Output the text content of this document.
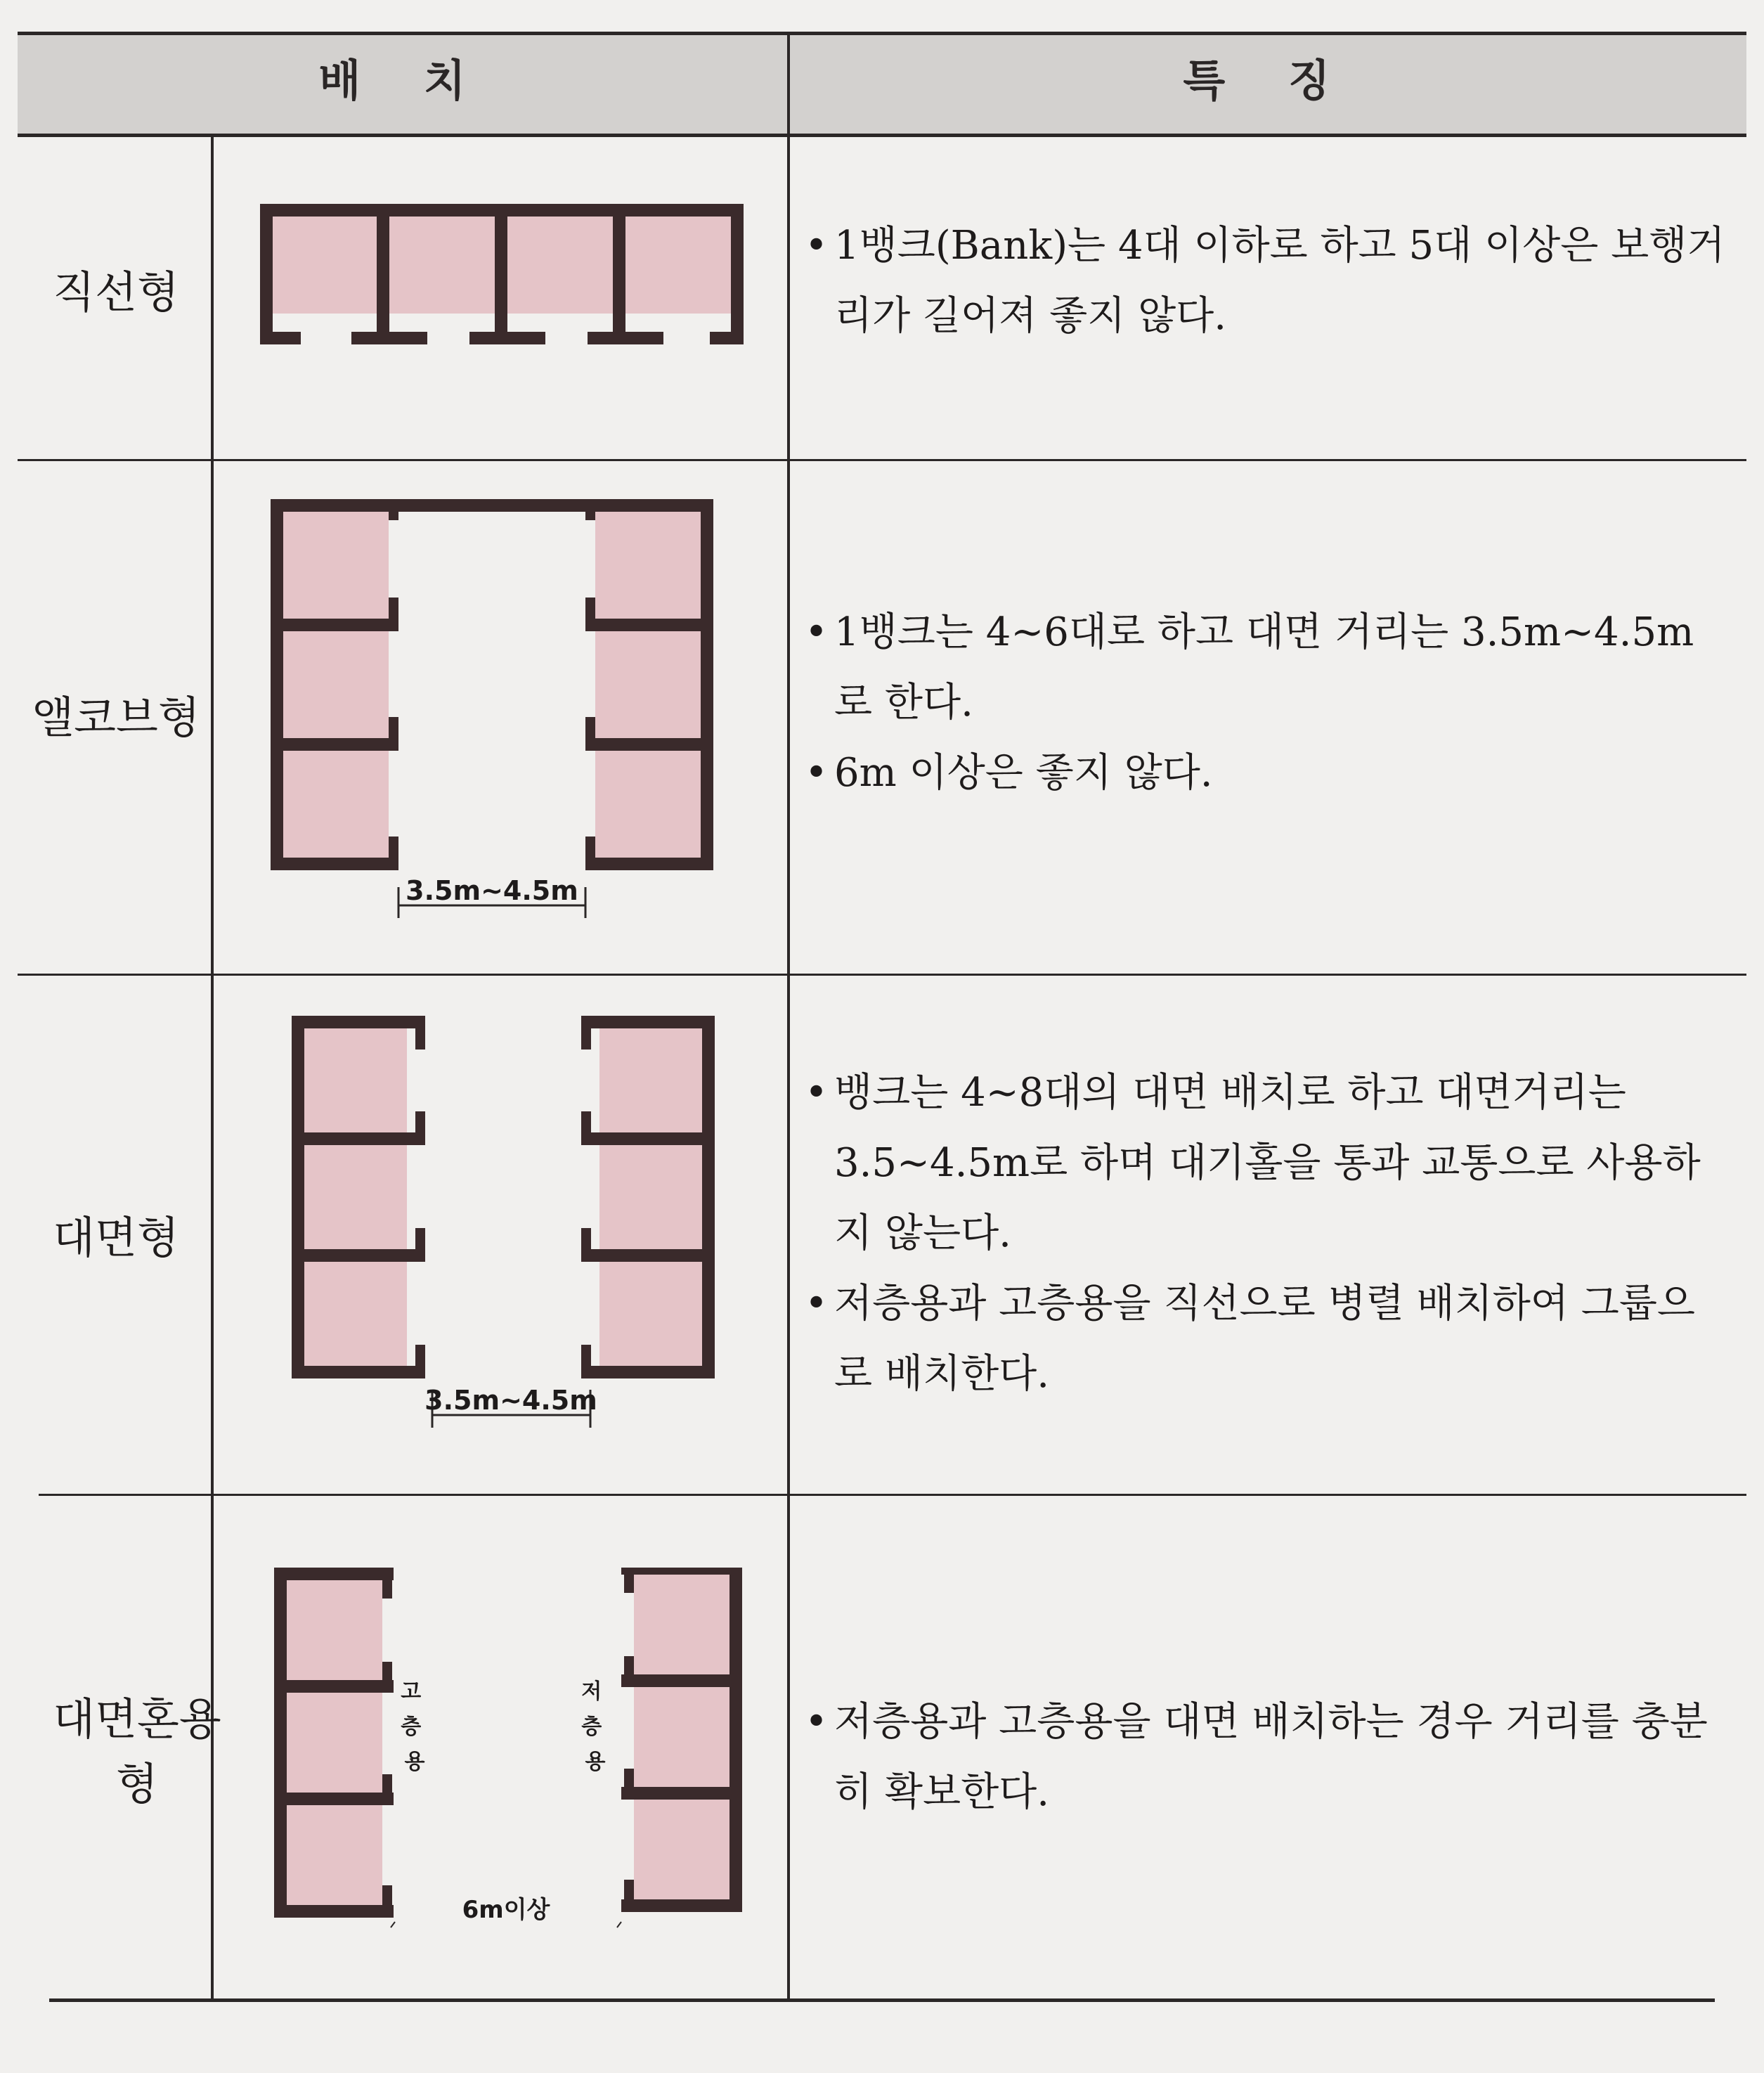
배 치	특 징
직선형
• 1뱅크(Bank)는 4대 이하로 하고 5대 이상은 보행거리가 길어져 좋지 않다.
앨코브형
3.5m~4.5m
• 1뱅크는 4~6대로 하고 대면 거리는 3.5m~4.5m로 한다.
• 6m 이상은 좋지 않다.
대면형
3.5m~4.5m
• 뱅크는 4~8대의 대면 배치로 하고 대면거리는 3.5~4.5m로 하며 대기홀을 통과 교통으로 사용하지 않는다.
• 저층용과 고층용을 직선으로 병렬 배치하여 그룹으로 배치한다.
대면혼용형
고 층 용
저 층 용
6m이상
• 저층용과 고층용을 대면 배치하는 경우 거리를 충분히 확보한다.
